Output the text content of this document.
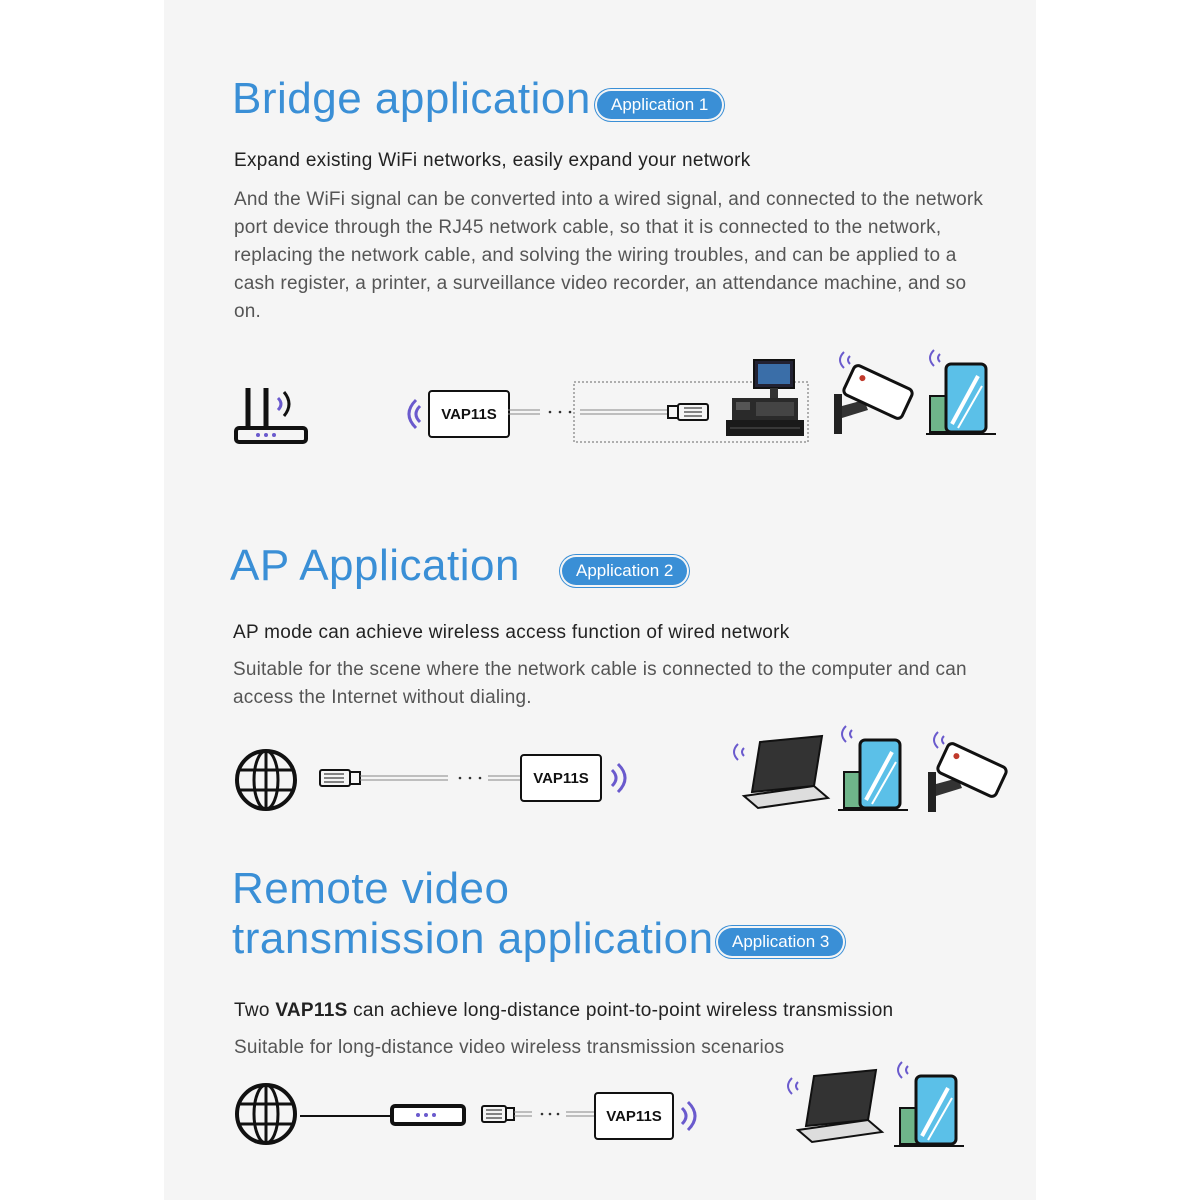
Bridge application	Application 1
Expand existing WiFi networks, easily expand your network
And the WiFi signal can be converted into a wired signal, and connected to the network port device through the RJ45 network cable, so that it is connected to the network, replacing the network cable, and solving the wiring troubles, and can be applied to a cash register, a printer, a surveillance video recorder, an attendance machine, and so on.
VAP11S
AP Application	Application 2
AP mode can achieve wireless access function of wired network
Suitable for the scene where the network cable is connected to the computer and can access the Internet without dialing.
VAP11S
Remote video
transmission application	Application 3
Two VAP11S can achieve long-distance point-to-point wireless transmission
Suitable for long-distance video wireless transmission scenarios
VAP11S
